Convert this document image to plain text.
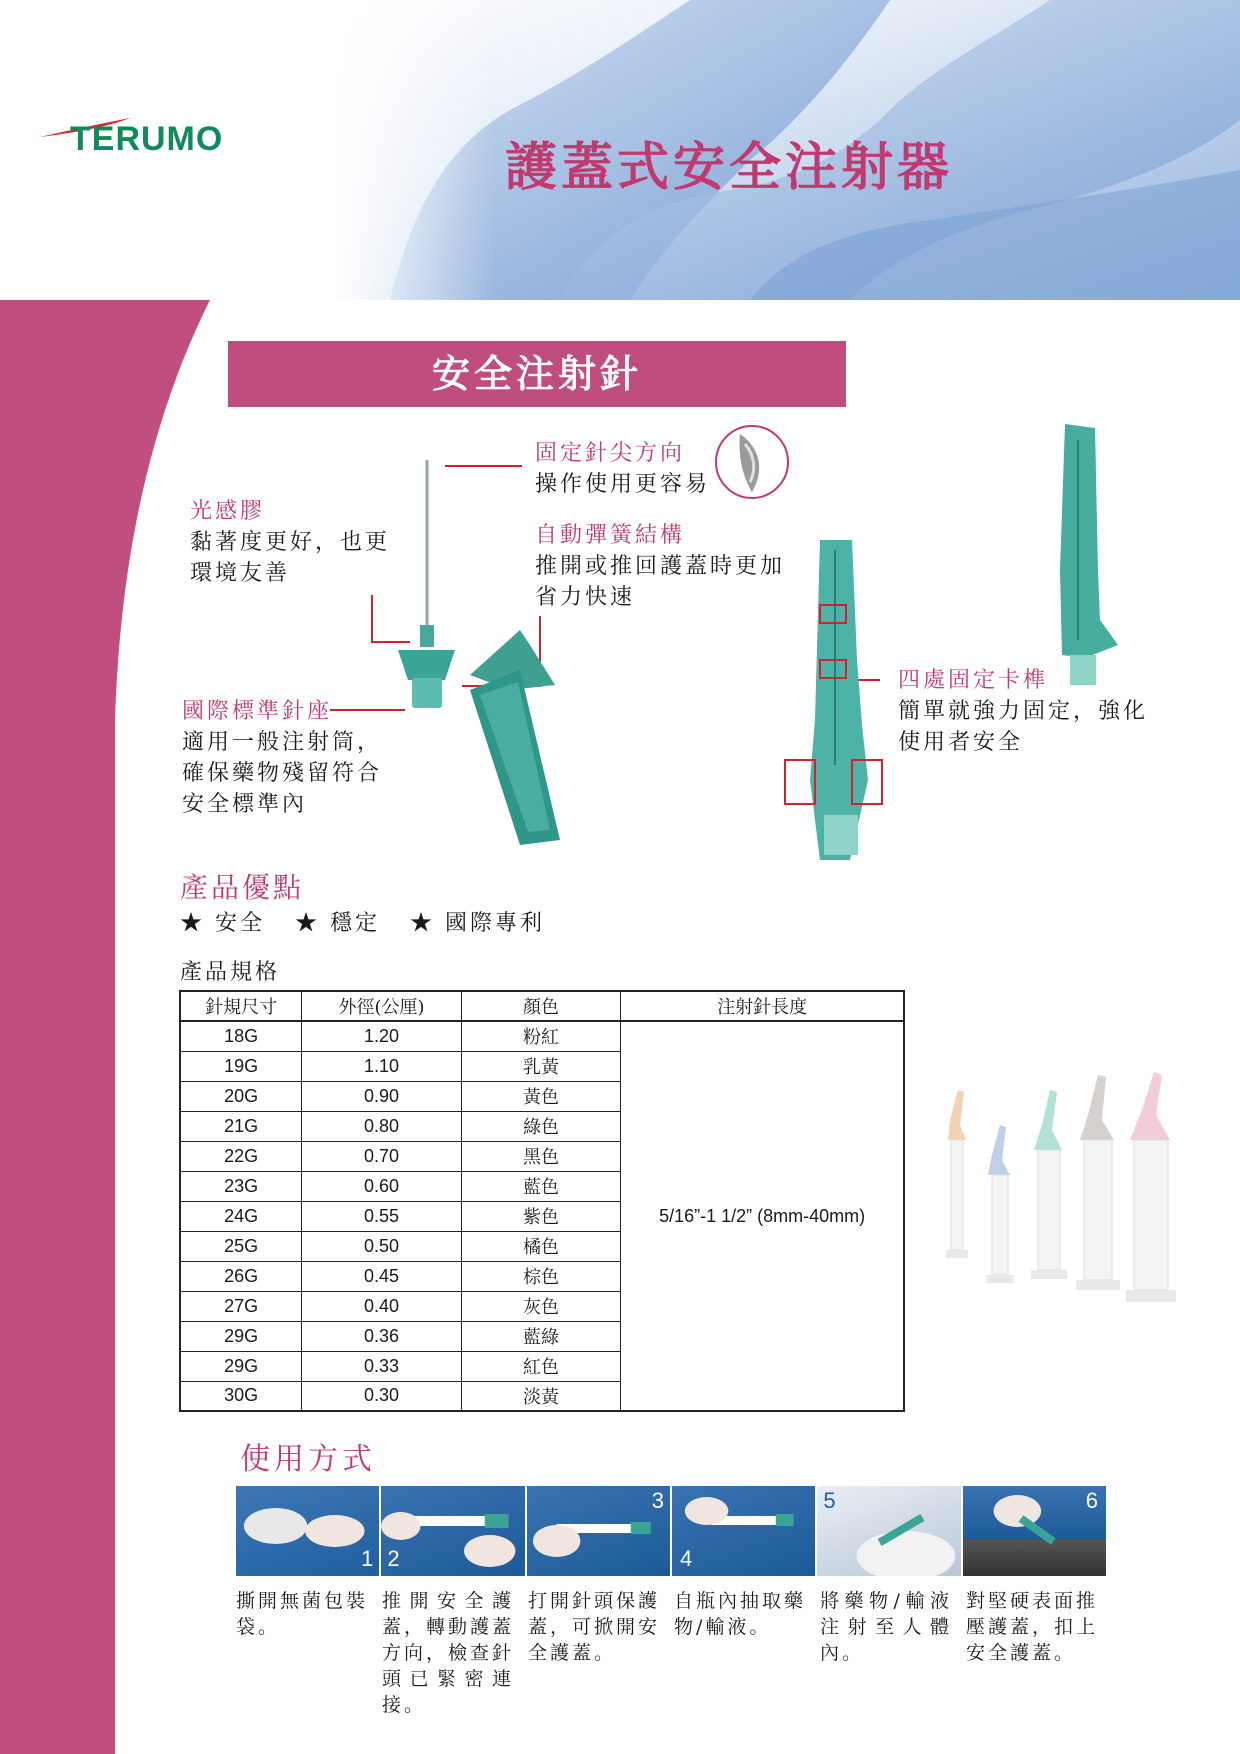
TERUMO	護蓋式安全注射器
安全注射針
固定針尖方向
操作使用更容易
光感膠
黏著度更好，也更環境友善
自動彈簧結構
推開或推回護蓋時更加省力快速
國際標準針座
適用一般注射筒，確保藥物殘留符合安全標準內
四處固定卡榫
簡單就強力固定，強化使用者安全
產品優點
★ 安全 ★ 穩定 ★ 國際專利
產品規格
針規尺寸	外徑(公厘)	顏色	注射針長度
18G	1.20	粉紅	5/16”-1 1/2” (8mm-40mm)
19G	1.10	乳黃	
20G	0.90	黃色	
21G	0.80	綠色	
22G	0.70	黑色	
23G	0.60	藍色	
24G	0.55	紫色	
25G	0.50	橘色	
26G	0.45	棕色	
27G	0.40	灰色	
29G	0.36	藍綠	
29G	0.33	紅色	
30G	0.30	淡黃	
使用方式
1 2
3
4
5	6
撕開無菌包裝袋。
推開安全護蓋，轉動護蓋方向，檢查針頭已緊密連接。
打開針頭保護蓋，可掀開安全護蓋。
自瓶內抽取藥物/輸液。
將藥物/輸液注射至人體內。
對堅硬表面推壓護蓋，扣上安全護蓋。
